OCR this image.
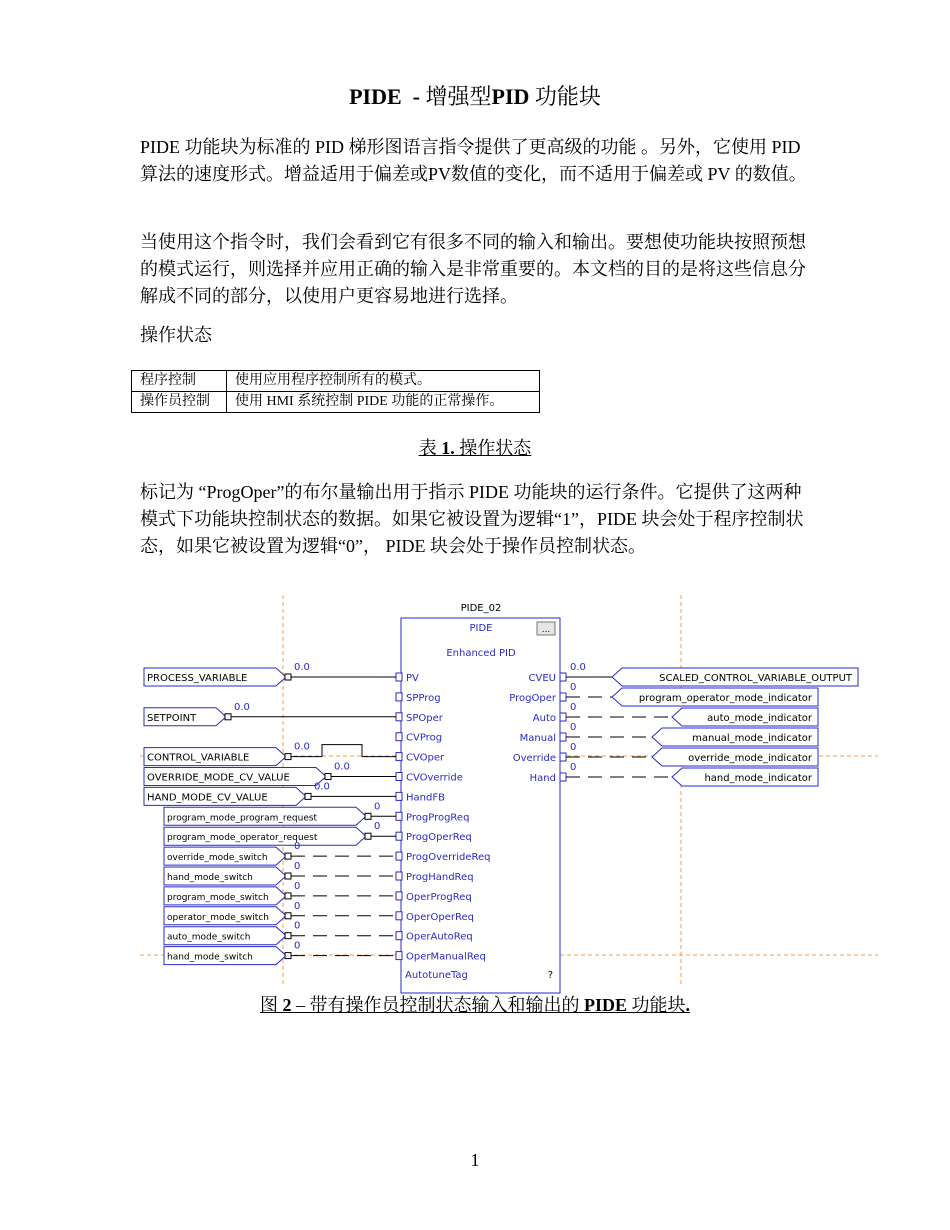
PIDE - 增强型PID 功能块

PIDE 功能块为标准的 PID 梯形图语言指令提供了更高级的功能 。另外，它使用 PID 算法的速度形式。增益适用于偏差或PV数值的变化，而不适用于偏差或 PV 的数值。

当使用这个指令时，我们会看到它有很多不同的输入和输出。要想使功能块按照预想的模式运行，则选择并应用正确的输入是非常重要的。本文档的目的是将这些信息分解成不同的部分，以使用户更容易地进行选择。

操作状态

程序控制	使用应用程序控制所有的模式。
操作员控制	使用 HMI 系统控制 PIDE 功能的正常操作。
表 1. 操作状态

标记为 “ProgOper”的布尔量输出用于指示 PIDE 功能块的运行条件。它提供了这两种模式下功能块控制状态的数据。如果它被设置为逻辑“1”，PIDE 块会处于程序控制状态，如果它被设置为逻辑“0”， PIDE 块会处于操作员控制状态。

PIDE_02
PIDE
Enhanced PID
...
AutotuneTag	?
PV
PROCESS_VARIABLE
0.0
SPProg
SPOper
SETPOINT
0.0
CVProg
CVOper
CONTROL_VARIABLE
0.0
CVOverride
OVERRIDE_MODE_CV_VALUE
0.0
HandFB
HAND_MODE_CV_VALUE
0.0
ProgProgReq
program_mode_program_request
0
ProgOperReq
program_mode_operator_request
0
ProgOverrideReq
override_mode_switch
0
ProgHandReq
hand_mode_switch
0
OperProgReq
program_mode_switch
0
OperOperReq
operator_mode_switch
0
OperAutoReq
auto_mode_switch
0
OperManualReq
hand_mode_switch
0
CVEU
0.0
SCALED_CONTROL_VARIABLE_OUTPUT
ProgOper
0
program_operator_mode_indicator
Auto
0
auto_mode_indicator
Manual
0
manual_mode_indicator
Override
0
override_mode_indicator
Hand
0
hand_mode_indicator
图 2 – 带有操作员控制状态输入和输出的 PIDE 功能块.
1
